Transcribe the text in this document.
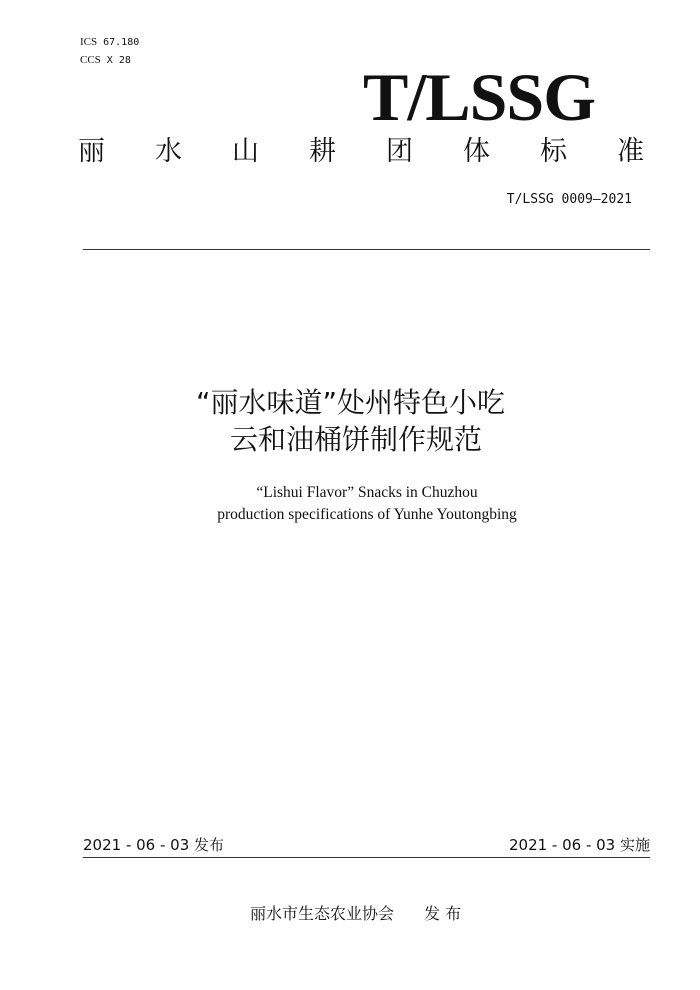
ICS 67.180
CCS X 28	T/LSSG
丽水山耕团体标准
T/LSSG 0009—2021
“丽水味道”处州特色小吃
云和油桶饼制作规范
“Lishui Flavor” Snacks in Chuzhou
production specifications of Yunhe Youtongbing
2021 - 06 - 03 发布	2021 - 06 - 03 实施
丽水市生态农业协会 发 布
